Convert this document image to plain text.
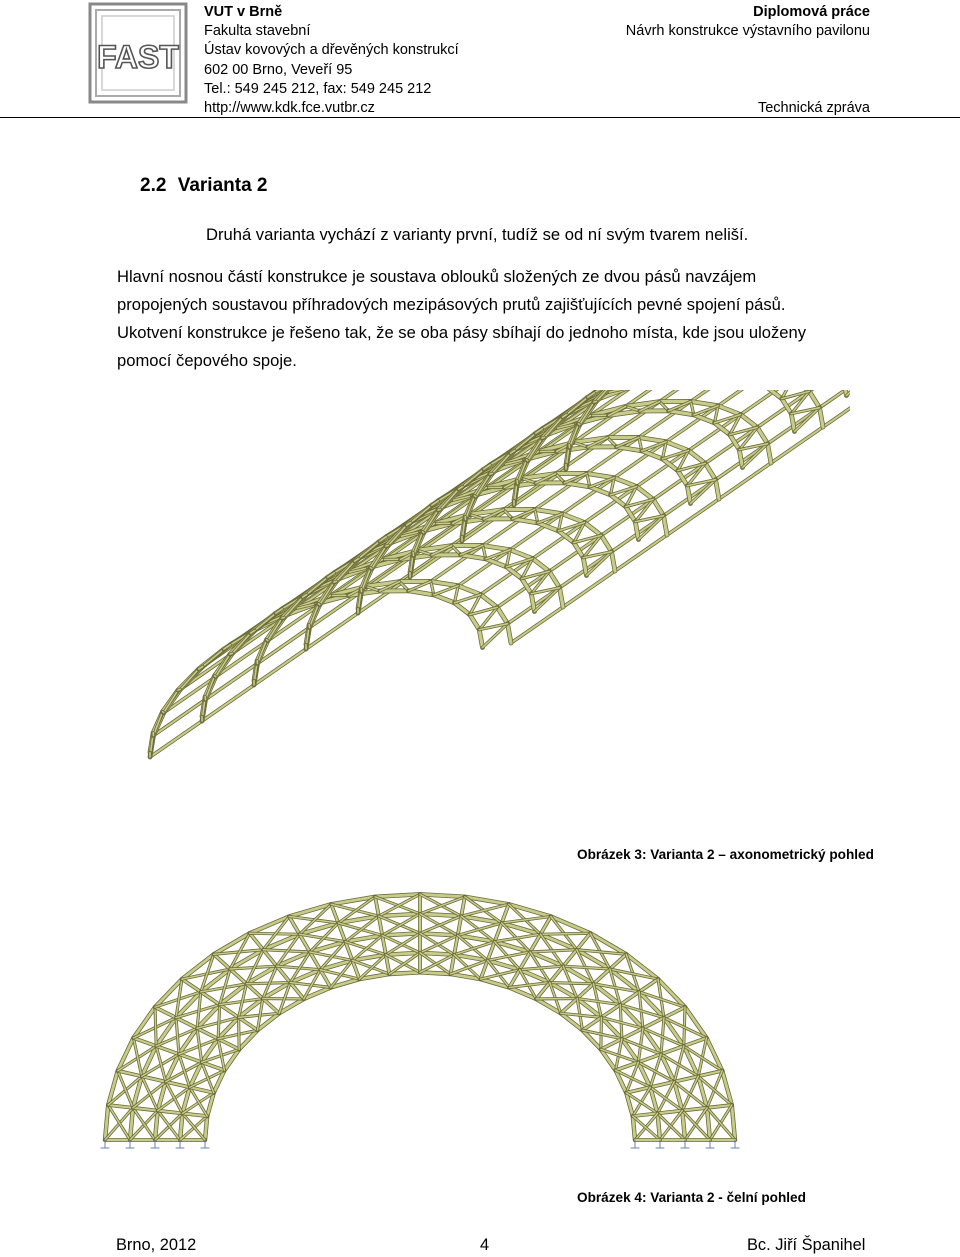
FAST
VUT v Brně
Fakulta stavební
Ústav kovových a dřevěných konstrukcí
602 00 Brno, Veveří 95
Tel.: 549 245 212, fax: 549 245 212
http://www.kdk.fce.vutbr.cz
Diplomová práce
Návrh konstrukce výstavního pavilonu
Technická zpráva
2.2 Varianta 2
Druhá varianta vychází z varianty první, tudíž se od ní svým tvarem neliší.
Hlavní nosnou částí konstrukce je soustava oblouků složených ze dvou pásů navzájem
propojených soustavou příhradových mezipásových prutů zajišťujících pevné spojení pásů.
Ukotvení konstrukce je řešeno tak, že se oba pásy sbíhají do jednoho místa, kde jsou uloženy
pomocí čepového spoje.
Obrázek 3: Varianta 2 – axonometrický pohled
Obrázek 4: Varianta 2 - čelní pohled
Brno, 2012	4	Bc. Jiří Španihel
